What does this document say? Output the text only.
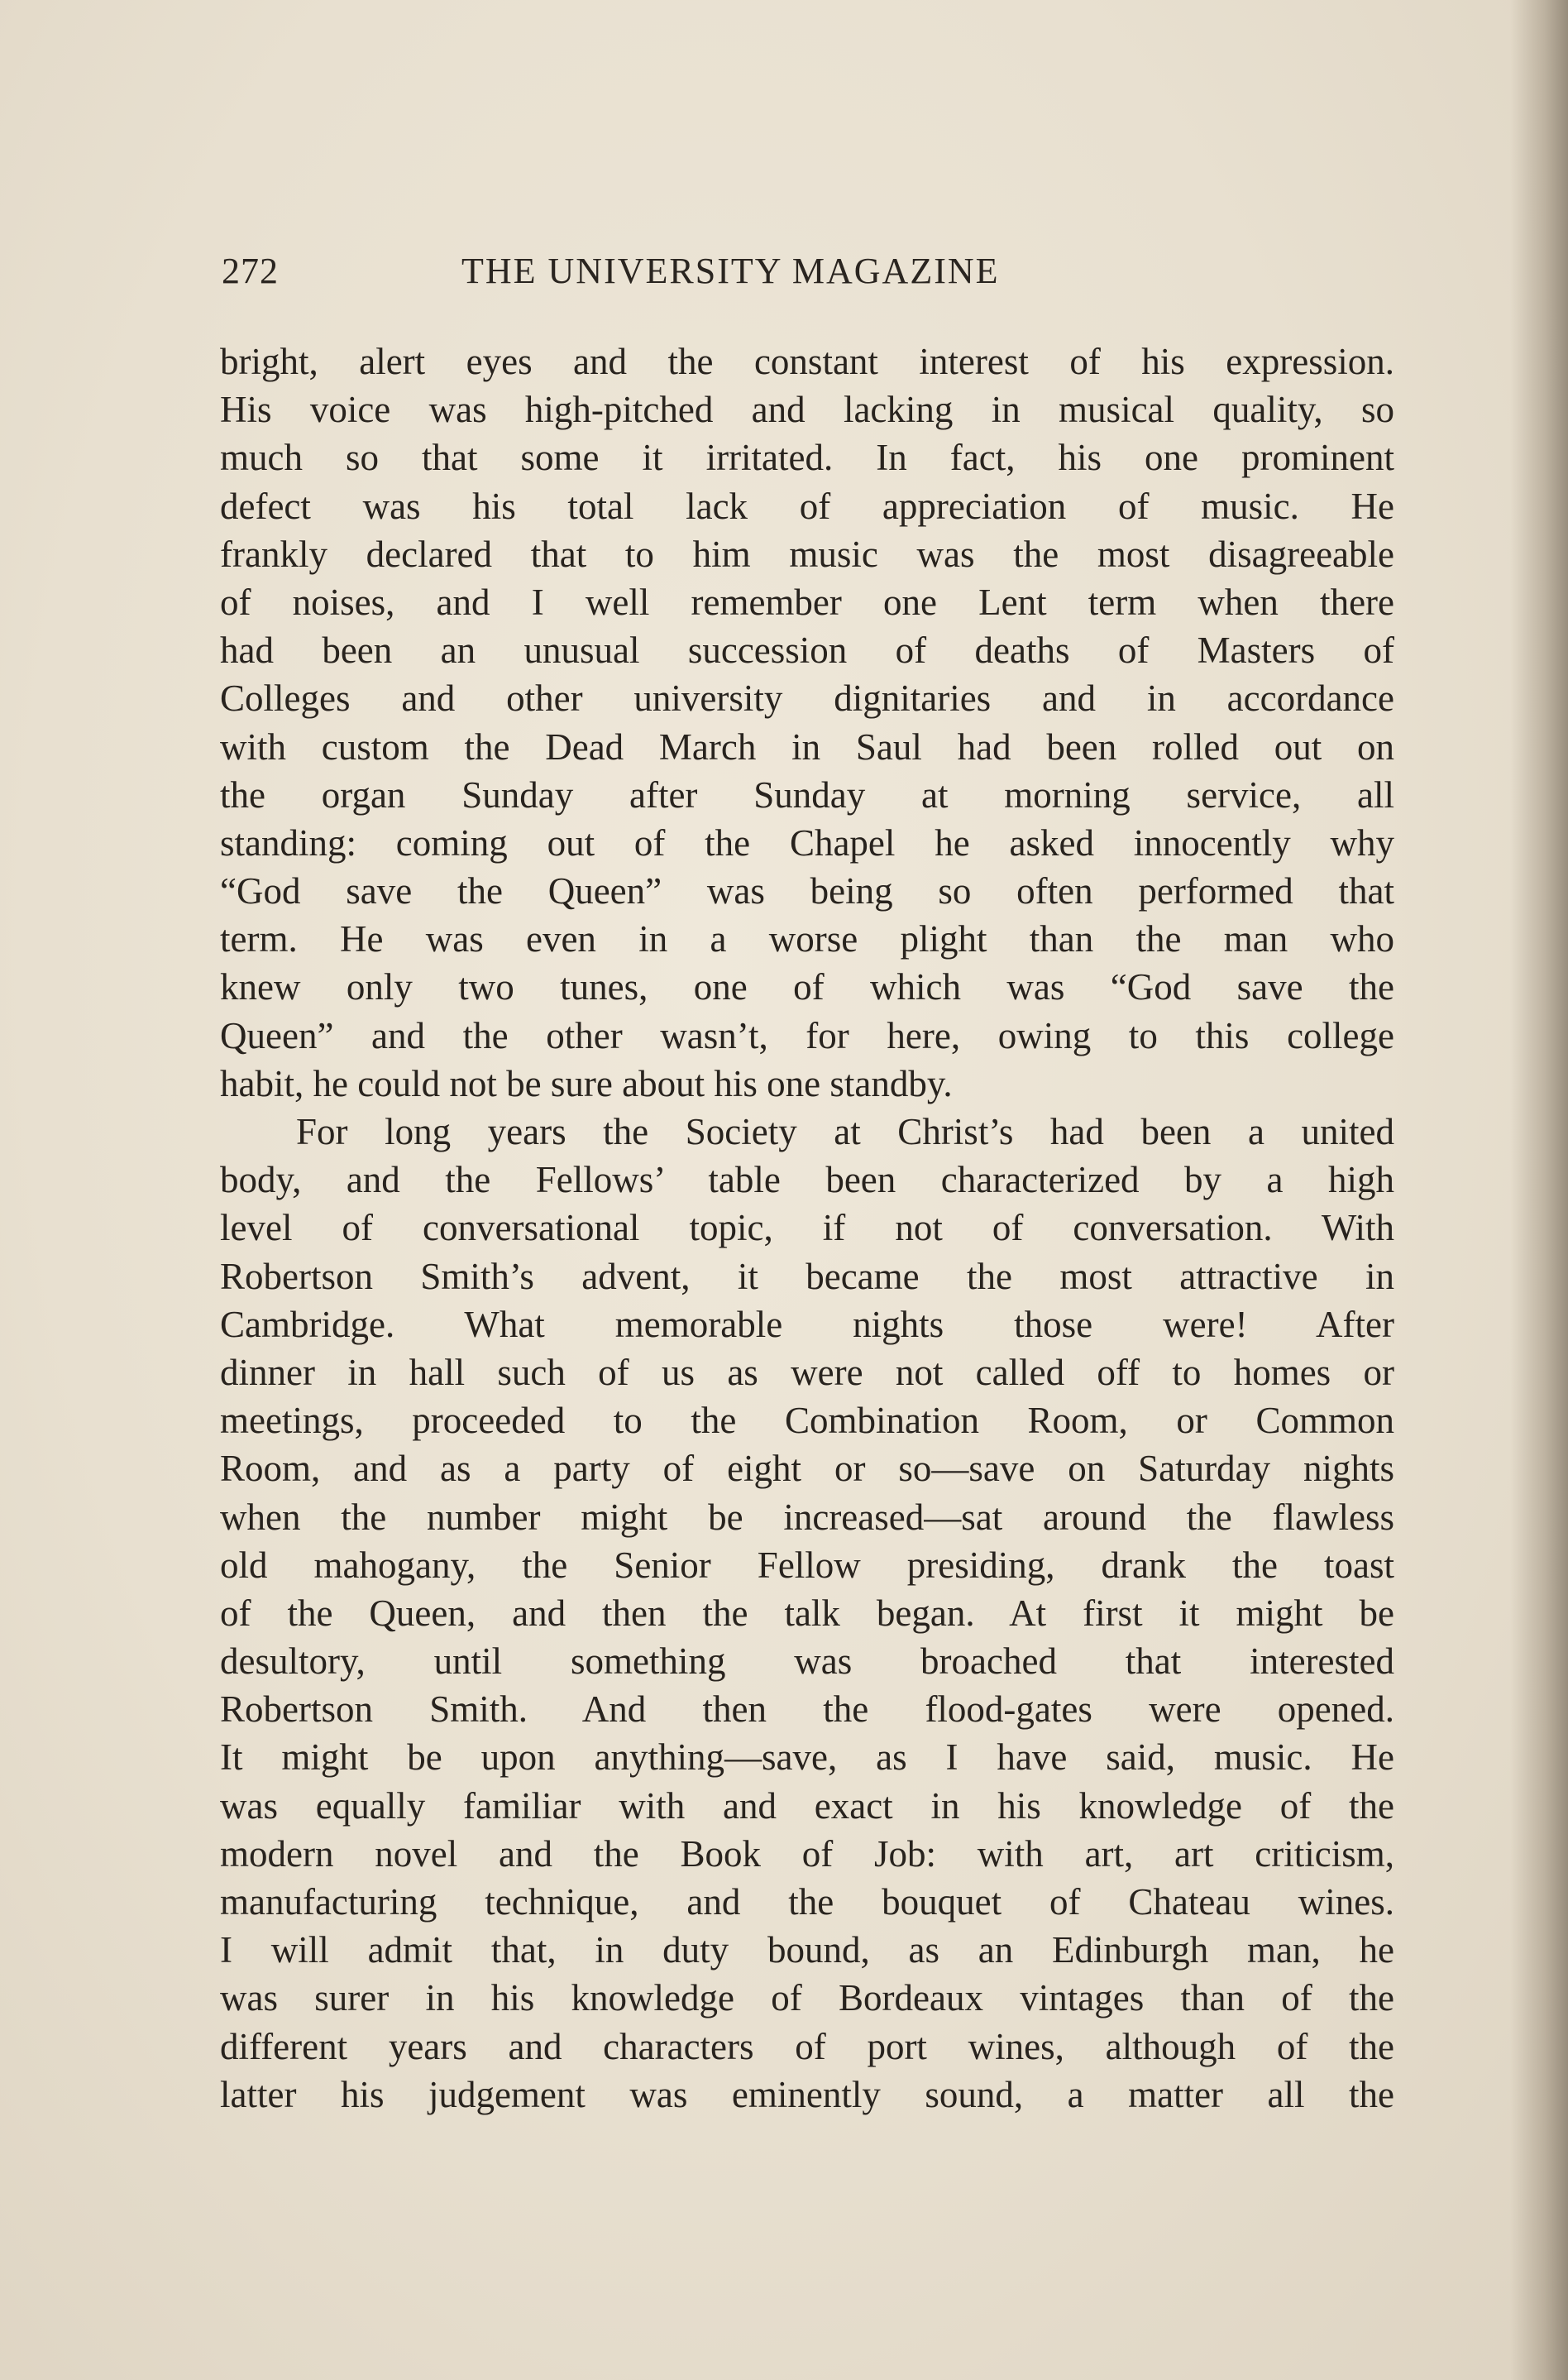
272	THE UNIVERSITY MAGAZINE
bright, alert eyes and the constant interest of his expression.
His voice was high-pitched and lacking in musical quality, so
much so that some it irritated. In fact, his one prominent
defect was his total lack of appreciation of music. He
frankly declared that to him music was the most disagreeable
of noises, and I well remember one Lent term when there
had been an unusual succession of deaths of Masters of
Colleges and other university dignitaries and in accordance
with custom the Dead March in Saul had been rolled out on
the organ Sunday after Sunday at morning service, all
standing: coming out of the Chapel he asked innocently why
“God save the Queen” was being so often performed that
term. He was even in a worse plight than the man who
knew only two tunes, one of which was “God save the
Queen” and the other wasn’t, for here, owing to this college
habit, he could not be sure about his one standby.
For long years the Society at Christ’s had been a united
body, and the Fellows’ table been characterized by a high
level of conversational topic, if not of conversation. With
Robertson Smith’s advent, it became the most attractive in
Cambridge. What memorable nights those were! After
dinner in hall such of us as were not called off to homes or
meetings, proceeded to the Combination Room, or Common
Room, and as a party of eight or so—save on Saturday nights
when the number might be increased—sat around the flawless
old mahogany, the Senior Fellow presiding, drank the toast
of the Queen, and then the talk began. At first it might be
desultory, until something was broached that interested
Robertson Smith. And then the flood-gates were opened.
It might be upon anything—save, as I have said, music. He
was equally familiar with and exact in his knowledge of the
modern novel and the Book of Job: with art, art criticism,
manufacturing technique, and the bouquet of Chateau wines.
I will admit that, in duty bound, as an Edinburgh man, he
was surer in his knowledge of Bordeaux vintages than of the
different years and characters of port wines, although of the
latter his judgement was eminently sound, a matter all the
